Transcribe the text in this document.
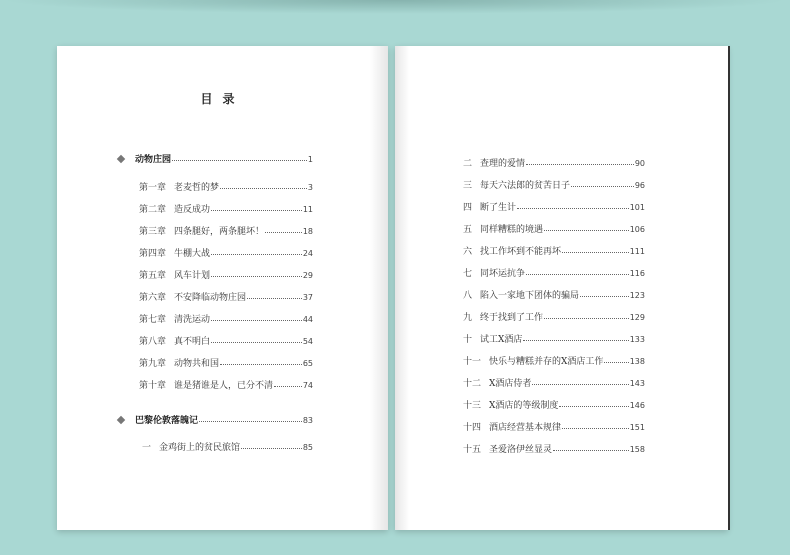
目录
动物庄园	1
第一章 老麦哲的梦	3
第二章 造反成功	11
第三章 四条腿好，两条腿坏！	18
第四章 牛棚大战	24
第五章 风车计划	29
第六章 不安降临动物庄园	37
第七章 清洗运动	44
第八章 真不明白	54
第九章 动物共和国	65
第十章 谁是猪谁是人，已分不清	74
巴黎伦敦落魄记	83
一 金鸡街上的贫民旅馆	85
二 查理的爱情	90
三 每天六法郎的贫苦日子	96
四 断了生计	101
五 同样糟糕的境遇	106
六 找工作坏到不能再坏	111
七 同坏运抗争	116
八 陷入一家地下团体的骗局	123
九 终于找到了工作	129
十 试工X酒店	133
十一 快乐与糟糕并存的X酒店工作	138
十二 X酒店侍者	143
十三 X酒店的等级制度	146
十四 酒店经营基本规律	151
十五 圣爱洛伊丝显灵	158
